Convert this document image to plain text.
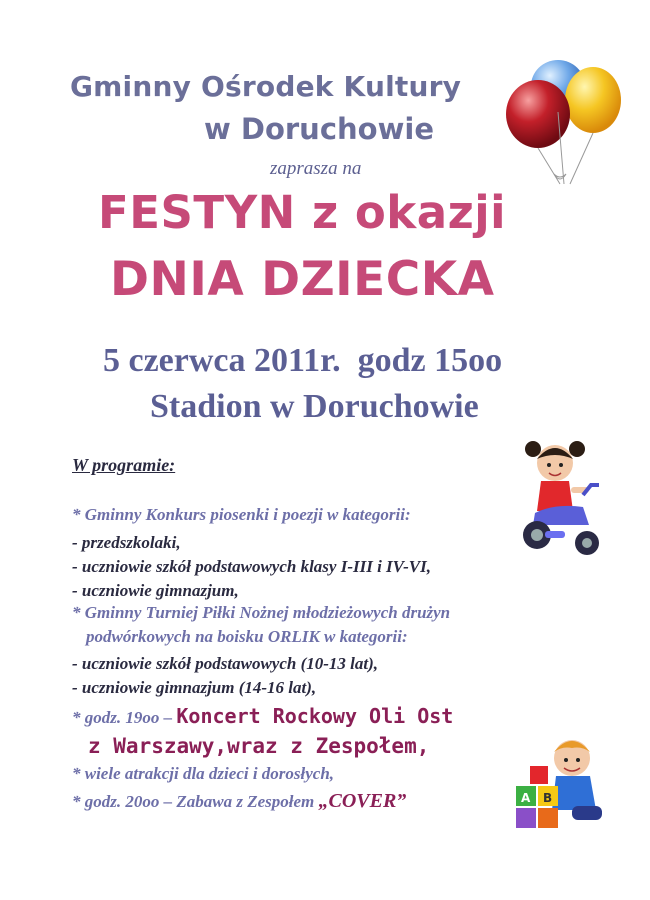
Gminny Ośrodek Kultury
w Doruchowie
zaprasza na
FESTYN z okazji
DNIA DZIECKA
5 czerwca 2011r.  godz 15oo
Stadion w Doruchowie
W programie:
* Gminny Konkurs piosenki i poezji w kategorii:
- przedszkolaki,
- uczniowie szkół podstawowych klasy I-III i IV-VI,
- uczniowie gimnazjum,
* Gminny Turniej Piłki Nożnej młodzieżowych drużyn
podwórkowych na boisku ORLIK w kategorii:
- uczniowie szkół podstawowych (10-13 lat),
- uczniowie gimnazjum (14-16 lat),
* godz. 19oo – Koncert Rockowy Oli Ost
z Warszawy,wraz z Zespołem,
* wiele atrakcji dla dzieci i dorosłych,
* godz. 20oo – Zabawa z Zespołem „COVER”	A B
